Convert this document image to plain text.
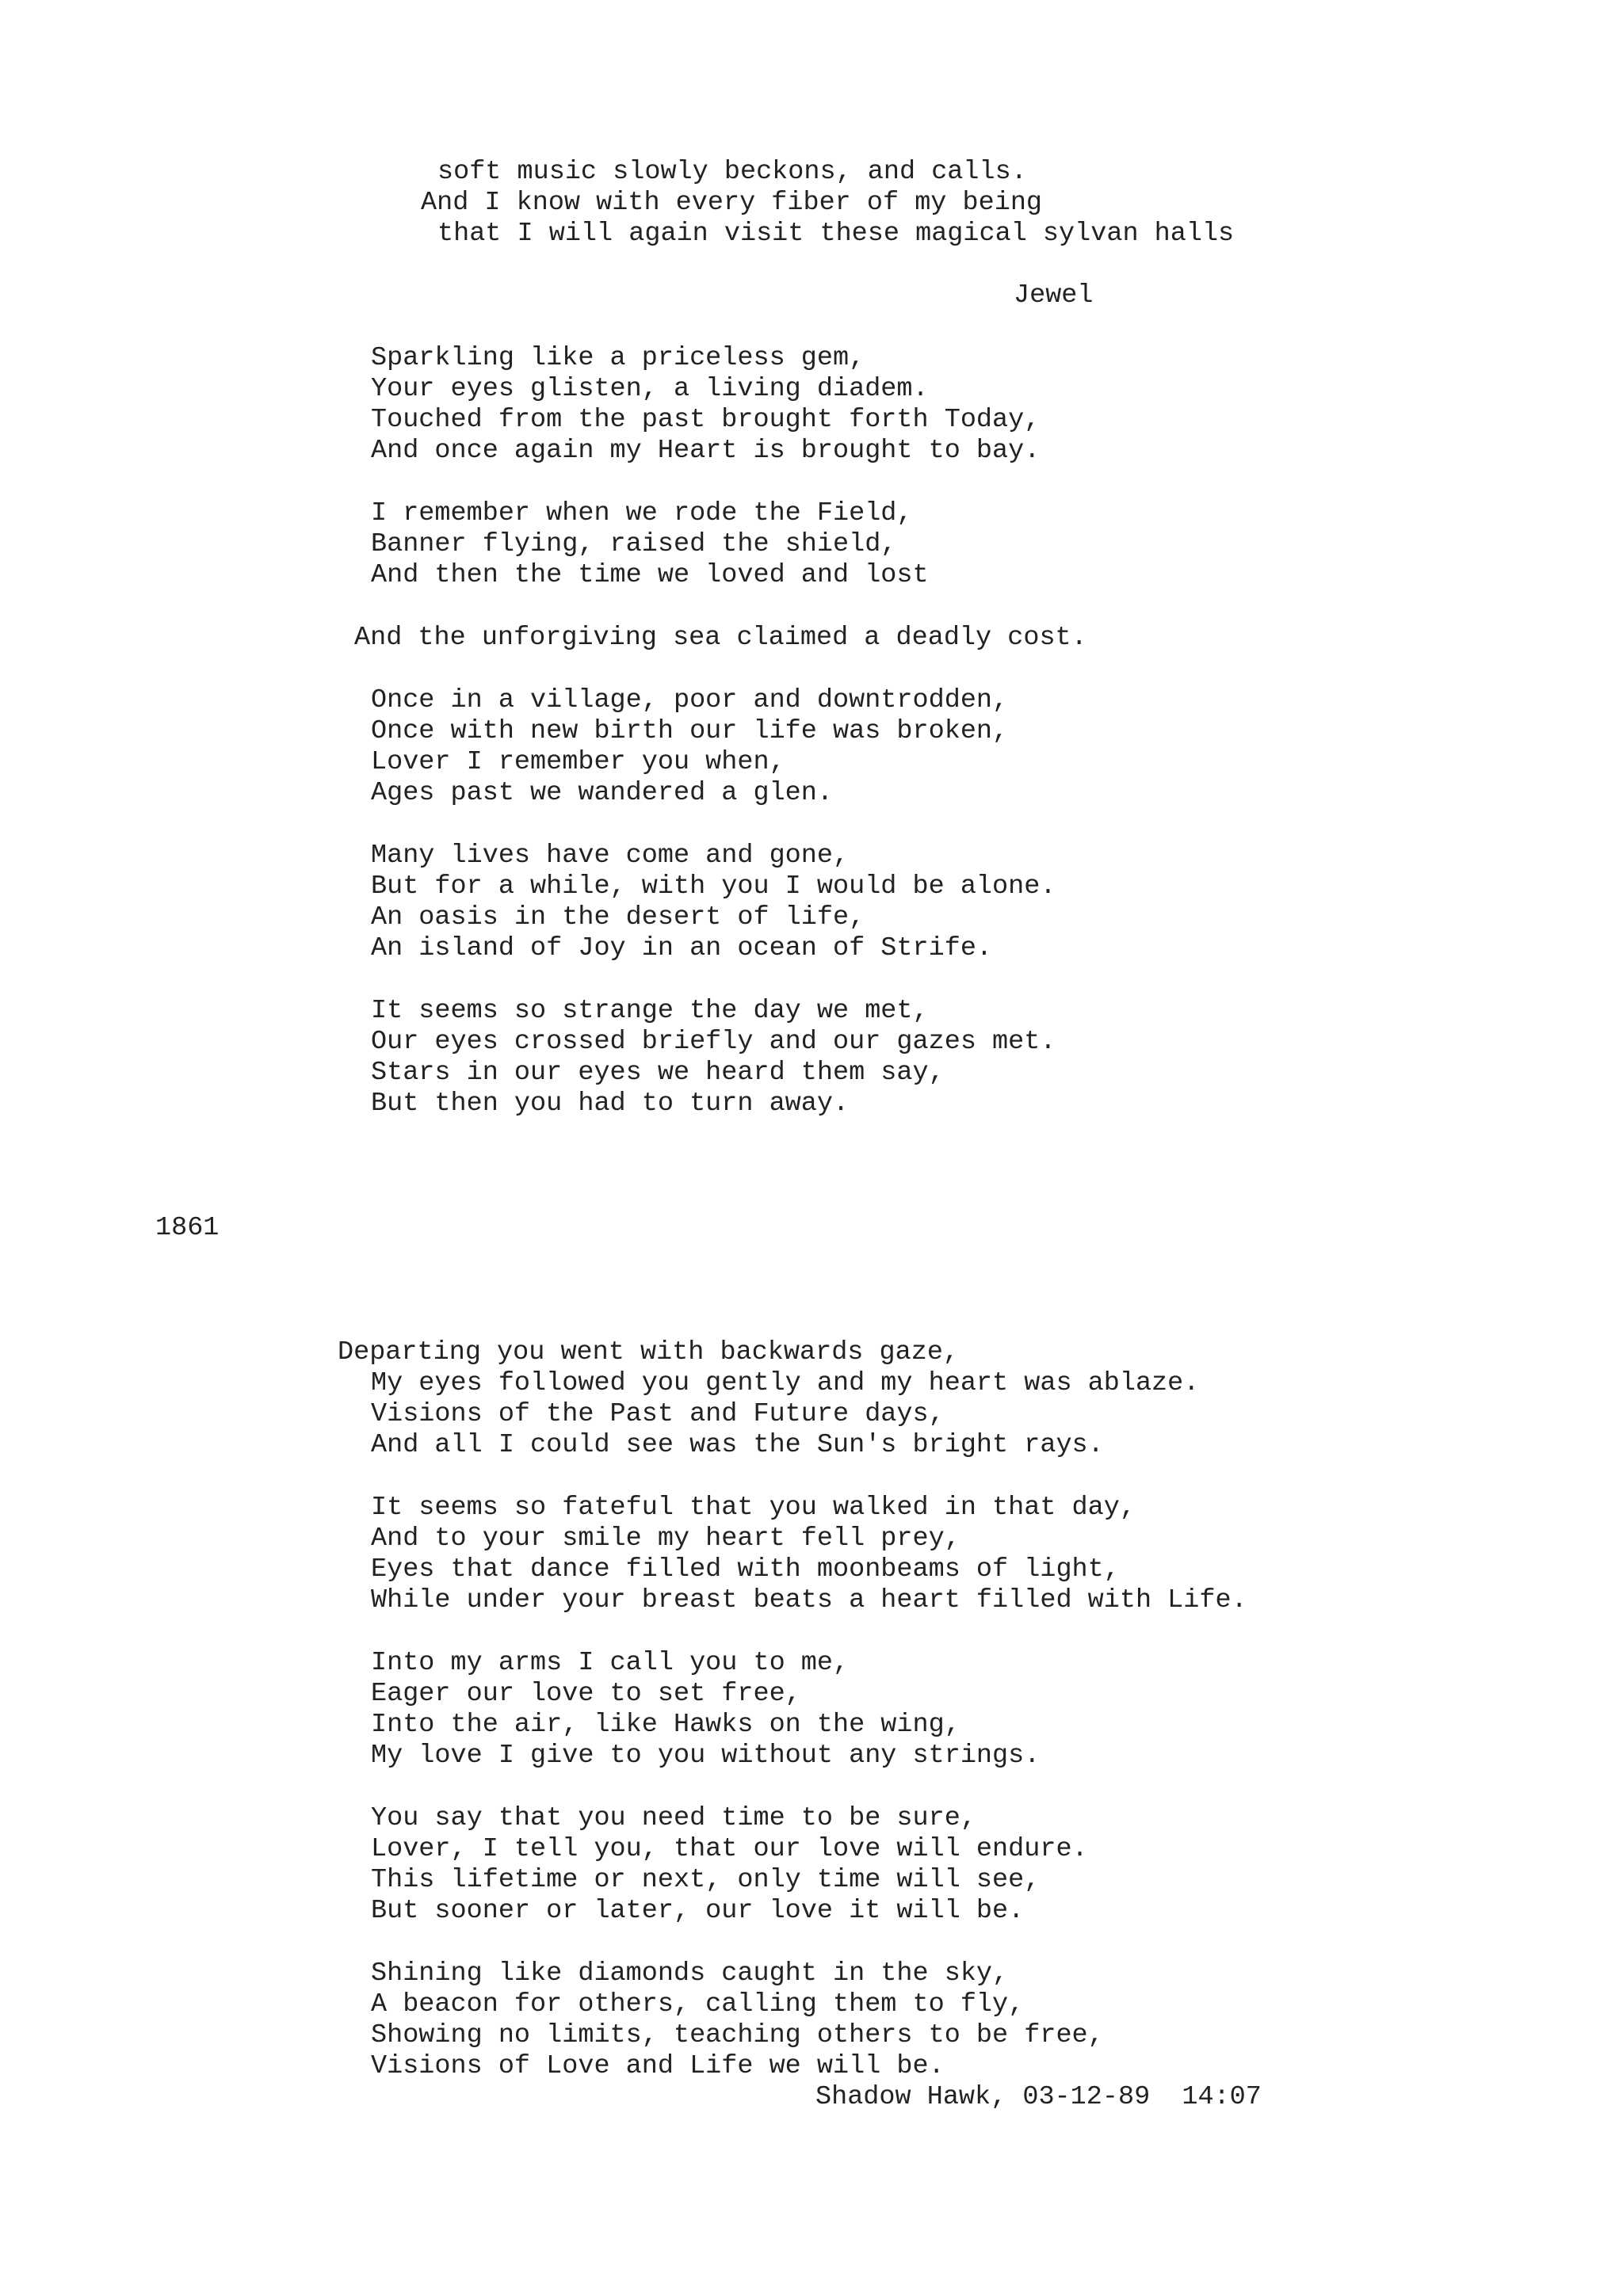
soft music slowly beckons, and calls.

And I know with every fiber of my being

that I will again visit these magical sylvan halls

Jewel

Sparkling like a priceless gem,

Your eyes glisten, a living diadem.

Touched from the past brought forth Today,

And once again my Heart is brought to bay.

I remember when we rode the Field,

Banner flying, raised the shield,

And then the time we loved and lost

And the unforgiving sea claimed a deadly cost.

Once in a village, poor and downtrodden,

Once with new birth our life was broken,

Lover I remember you when,

Ages past we wandered a glen.

Many lives have come and gone,

But for a while, with you I would be alone.

An oasis in the desert of life,

An island of Joy in an ocean of Strife.

It seems so strange the day we met,

Our eyes crossed briefly and our gazes met.

Stars in our eyes we heard them say,

But then you had to turn away.

1861

Departing you went with backwards gaze,

My eyes followed you gently and my heart was ablaze.

Visions of the Past and Future days,

And all I could see was the Sun's bright rays.

It seems so fateful that you walked in that day,

And to your smile my heart fell prey,

Eyes that dance filled with moonbeams of light,

While under your breast beats a heart filled with Life.

Into my arms I call you to me,

Eager our love to set free,

Into the air, like Hawks on the wing,

My love I give to you without any strings.

You say that you need time to be sure,

Lover, I tell you, that our love will endure.

This lifetime or next, only time will see,

But sooner or later, our love it will be.

Shining like diamonds caught in the sky,

A beacon for others, calling them to fly,

Showing no limits, teaching others to be free,

Visions of Love and Life we will be.

Shadow Hawk, 03-12-89  14:07
